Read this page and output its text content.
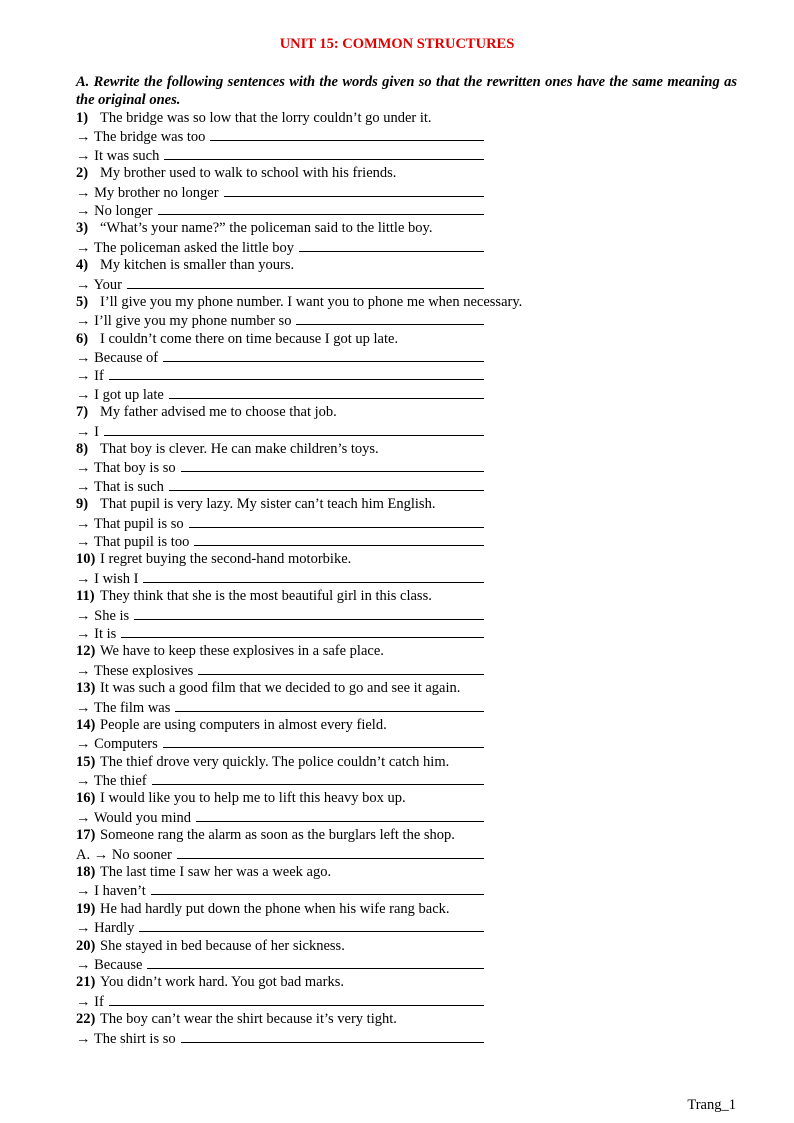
UNIT 15: COMMON STRUCTURES

A. Rewrite the following sentences with the words given so that the rewritten ones have the same meaning as the original ones.

1) The bridge was so low that the lorry couldn’t go under it.
→ The bridge was too
→ It was such
2) My brother used to walk to school with his friends.
→ My brother no longer
→ No longer
3) “What’s your name?” the policeman said to the little boy.
→ The policeman asked the little boy
4) My kitchen is smaller than yours.
→ Your
5) I’ll give you my phone number. I want you to phone me when necessary.
→ I’ll give you my phone number so
6) I couldn’t come there on time because I got up late.
→ Because of
→ If
→ I got up late
7) My father advised me to choose that job.
→ I
8) That boy is clever. He can make children’s toys.
→ That boy is so
→ That is such
9) That pupil is very lazy. My sister can’t teach him English.
→ That pupil is so
→ That pupil is too
10) I regret buying the second-hand motorbike.
→ I wish I
11) They think that she is the most beautiful girl in this class.
→ She is
→ It is
12) We have to keep these explosives in a safe place.
→ These explosives
13) It was such a good film that we decided to go and see it again.
→ The film was
14) People are using computers in almost every field.
→ Computers
15) The thief drove very quickly. The police couldn’t catch him.
→ The thief
16) I would like you to help me to lift this heavy box up.
→ Would you mind
17) Someone rang the alarm as soon as the burglars left the shop.
A. → No sooner
18) The last time I saw her was a week ago.
→ I haven’t
19) He had hardly put down the phone when his wife rang back.
→ Hardly
20) She stayed in bed because of her sickness.
→ Because
21) You didn’t work hard. You got bad marks.
→ If
22) The boy can’t wear the shirt because it’s very tight.
→ The shirt is so
Trang_1
